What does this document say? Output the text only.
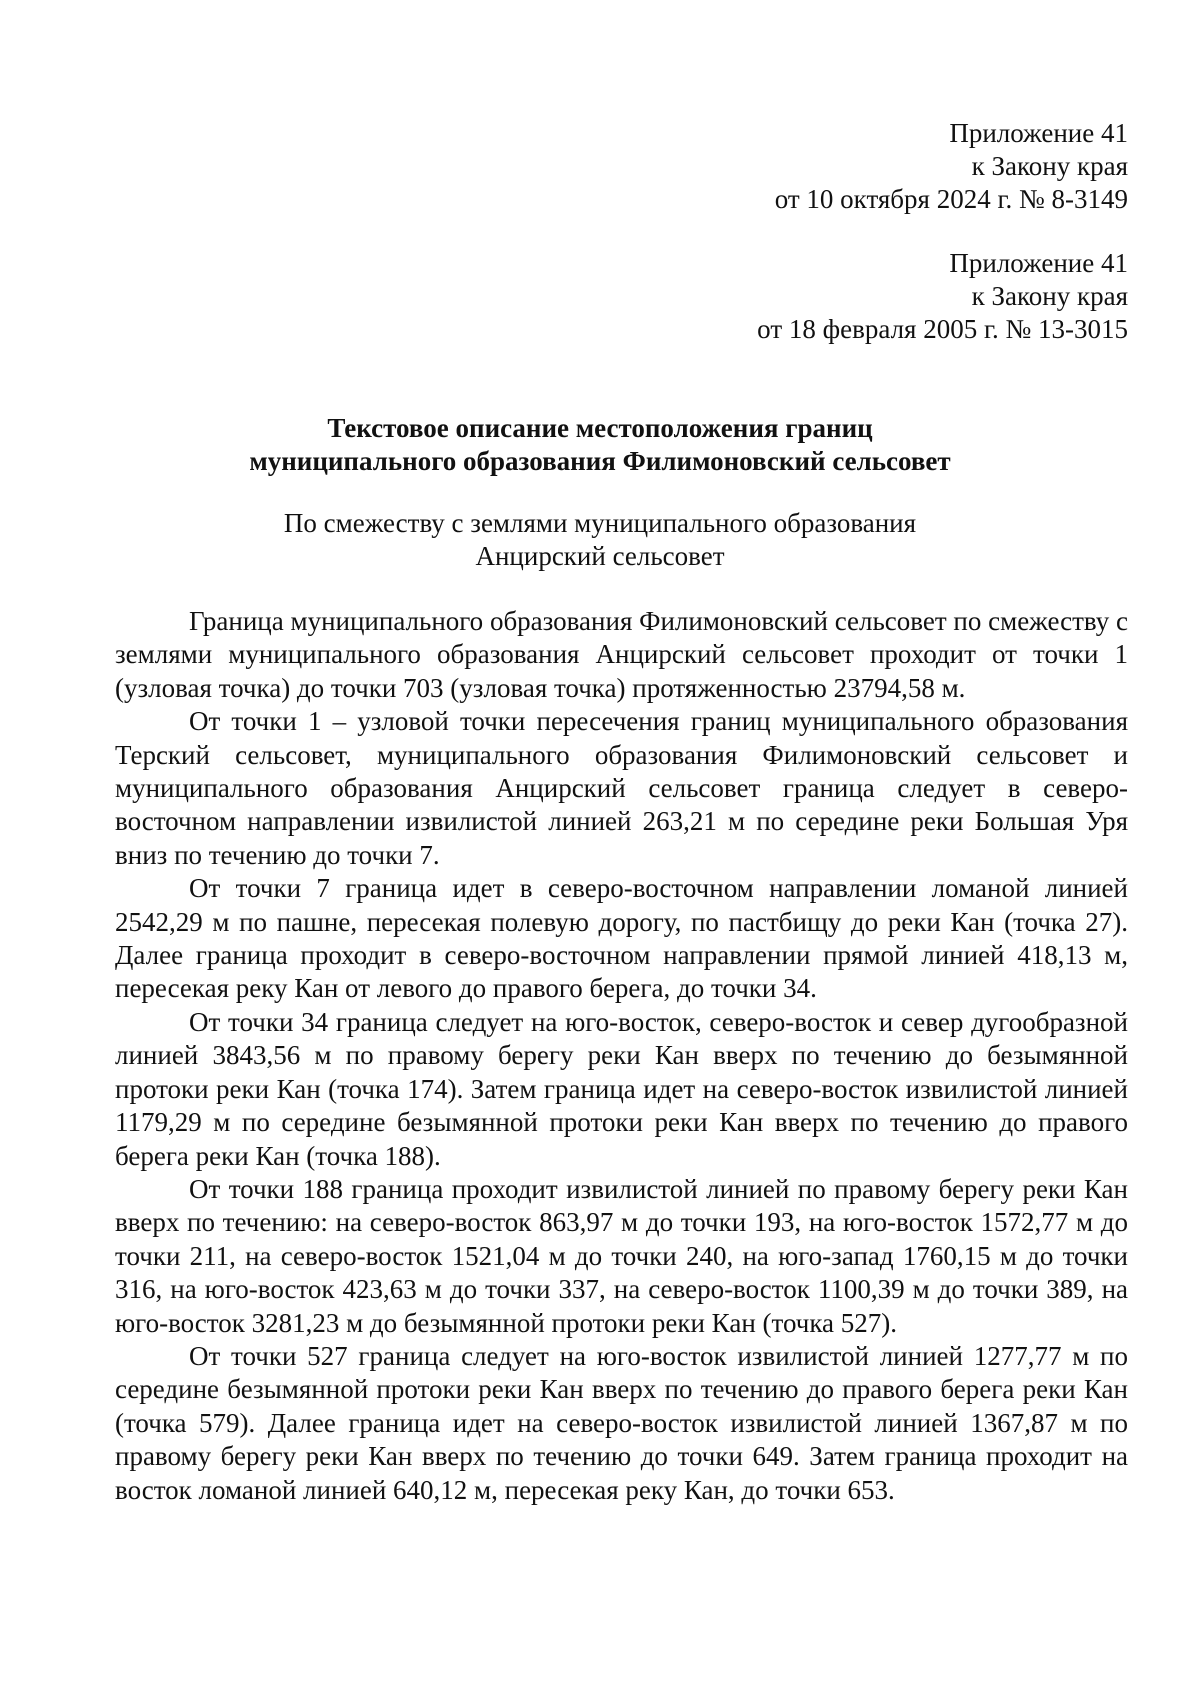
Приложение 41
к Закону края
от 10 октября 2024 г. № 8-3149
Приложение 41
к Закону края
от 18 февраля 2005 г. № 13-3015
Текстовое описание местоположения границ
муниципального образования Филимоновский сельсовет
По смежеству с землями муниципального образования
Анцирский сельсовет

Граница муниципального образования Филимоновский сельсовет по смежеству с землями муниципального образования Анцирский сельсовет проходит от точки 1 (узловая точка) до точки 703 (узловая точка) протяженностью 23794,58 м.

От точки 1 – узловой точки пересечения границ муниципального образования Терский сельсовет, муниципального образования Филимоновский сельсовет и муниципального образования Анцирский сельсовет граница следует в северо-восточном направлении извилистой линией 263,21 м по середине реки Большая Уря вниз по течению до точки 7.

От точки 7 граница идет в северо-восточном направлении ломаной линией 2542,29 м по пашне, пересекая полевую дорогу, по пастбищу до реки Кан (точка 27). Далее граница проходит в северо-восточном направлении прямой линией 418,13 м, пересекая реку Кан от левого до правого берега, до точки 34.

От точки 34 граница следует на юго-восток, северо-восток и север дугообразной линией 3843,56 м по правому берегу реки Кан вверх по течению до безымянной протоки реки Кан (точка 174). Затем граница идет на северо-восток извилистой линией 1179,29 м по середине безымянной протоки реки Кан вверх по течению до правого берега реки Кан (точка 188).

От точки 188 граница проходит извилистой линией по правому берегу реки Кан вверх по течению: на северо-восток 863,97 м до точки 193, на юго-восток 1572,77 м до точки 211, на северо-восток 1521,04 м до точки 240, на юго-запад 1760,15 м до точки 316, на юго-восток 423,63 м до точки 337, на северо-восток 1100,39 м до точки 389, на юго-восток 3281,23 м до безымянной протоки реки Кан (точка 527).

От точки 527 граница следует на юго-восток извилистой линией 1277,77 м по середине безымянной протоки реки Кан вверх по течению до правого берега реки Кан (точка 579). Далее граница идет на северо-восток извилистой линией 1367,87 м по правому берегу реки Кан вверх по течению до точки 649. Затем граница проходит на восток ломаной линией 640,12 м, пересекая реку Кан, до точки 653.
